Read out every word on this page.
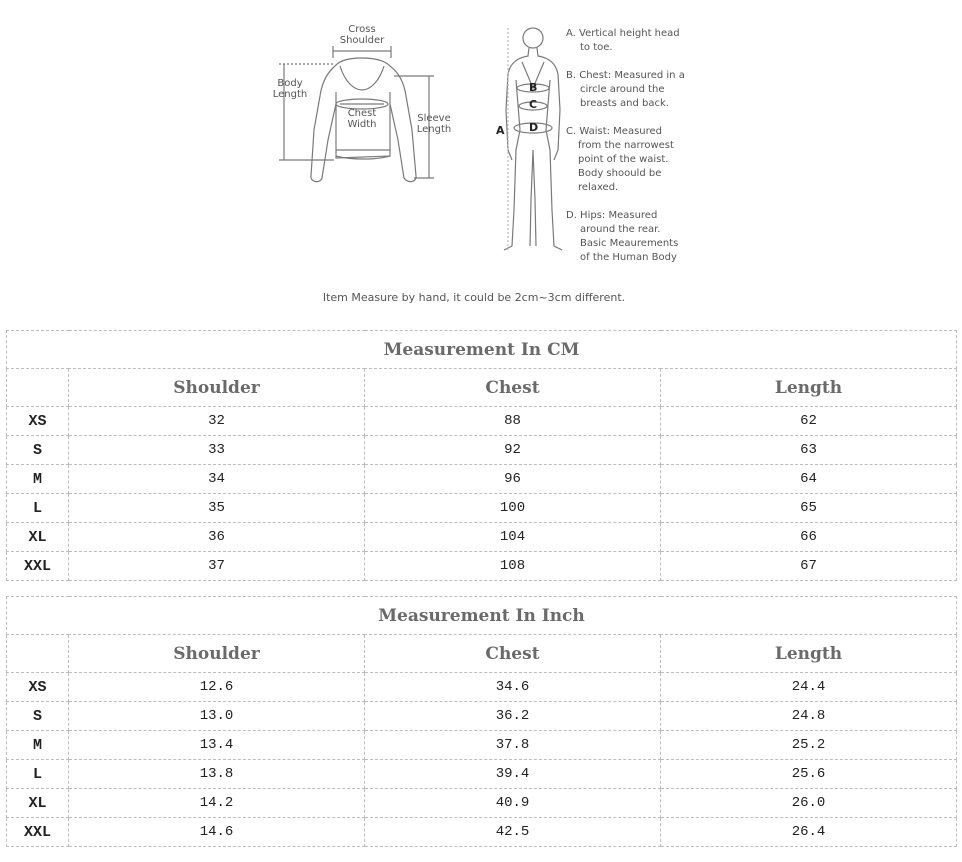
Cross
Shoulder
Body
Length
Chest
Width
Sleeve
Length	A
B
C
D
A. Vertical height head
to toe.
B. Chest: Measured in a
circle around the
breasts and back.
C. Waist: Measured
from the narrowest
point of the waist.
Body shoould be
relaxed.
D. Hips: Measured
around the rear.
Basic Meaurements
of the Human Body
Item Measure by hand, it could be 2cm~3cm different.
Measurement In CM			
	Shoulder	Chest	Length
XS	32	88	62
S	33	92	63
M	34	96	64
L	35	100	65
XL	36	104	66
XXL	37	108	67
Measurement In Inch			
	Shoulder	Chest	Length
XS	12.6	34.6	24.4
S	13.0	36.2	24.8
M	13.4	37.8	25.2
L	13.8	39.4	25.6
XL	14.2	40.9	26.0
XXL	14.6	42.5	26.4
